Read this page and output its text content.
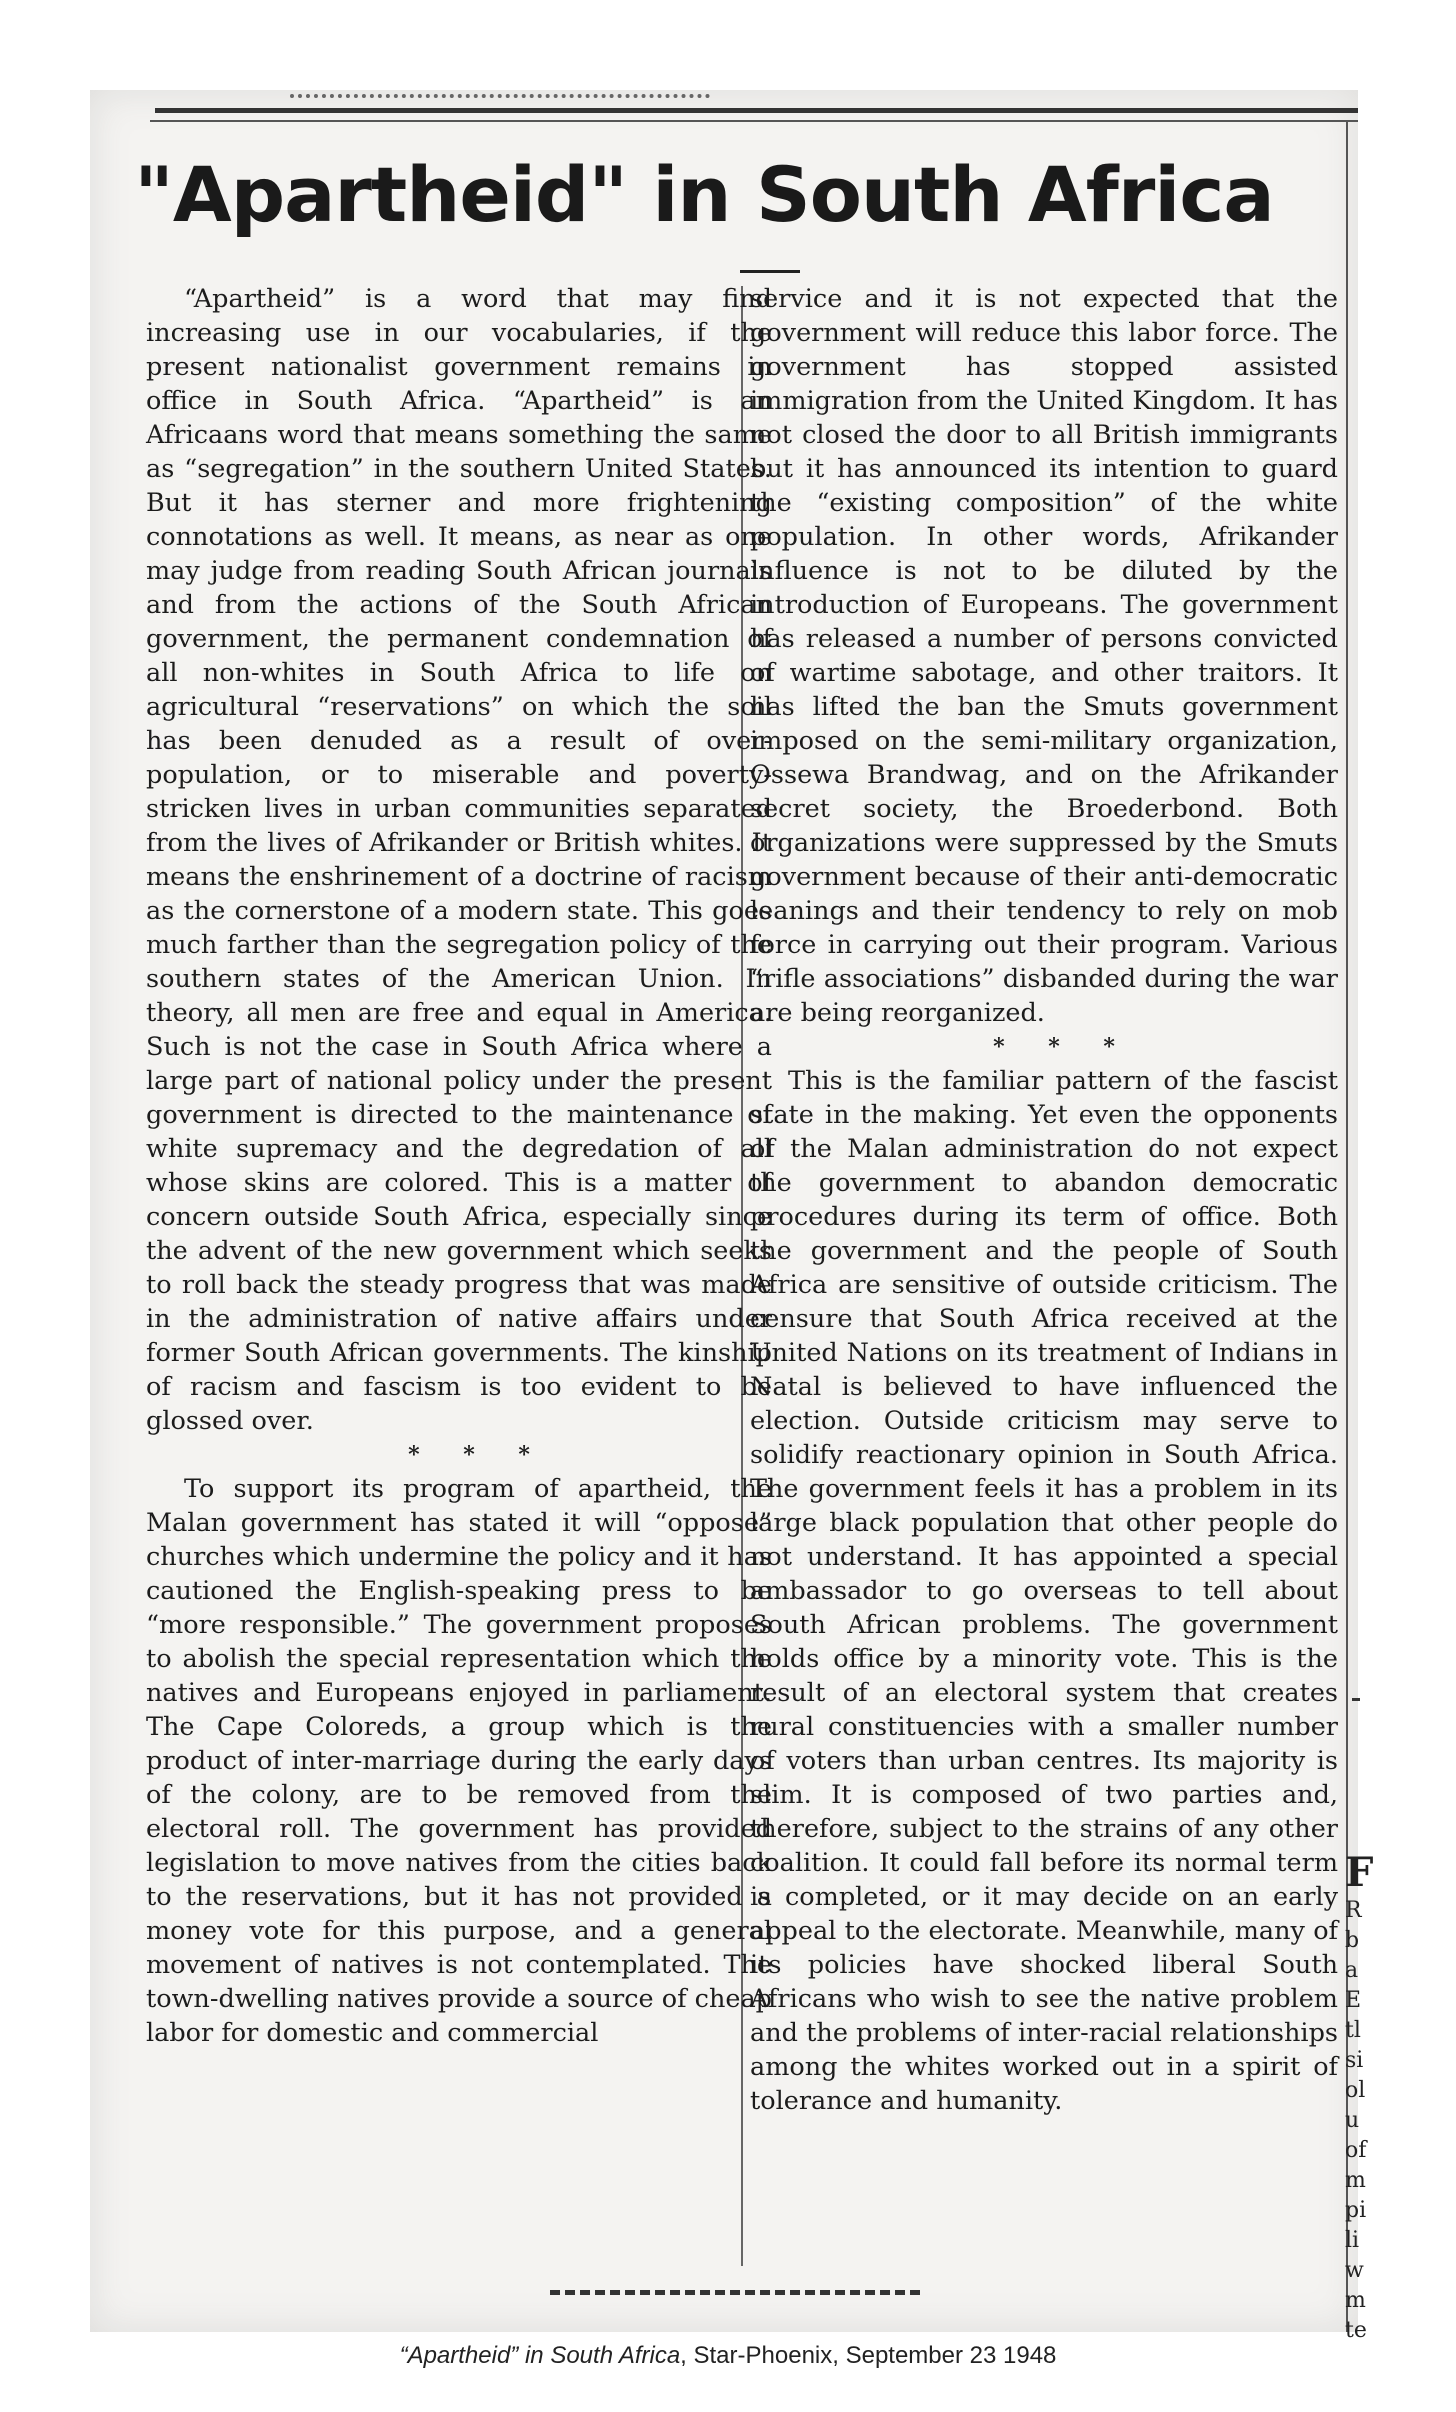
"Apartheid" in South Africa

“Apartheid” is a word that may find increasing use in our vocabularies, if the present nationalist government remains in office in South Africa. “Apartheid” is an Africaans word that means something the same as “segregation” in the southern United States. But it has sterner and more frightening connotations as well. It means, as near as one may judge from reading South African journals and from the actions of the South African government, the permanent condemnation of all non-whites in South Africa to life on agricultural “reservations” on which the soil has been denuded as a result of over-population, or to miserable and poverty-stricken lives in urban communities separated from the lives of Afrikander or British whites. It means the enshrinement of a doctrine of racism as the cornerstone of a modern state. This goes much farther than the segregation policy of the southern states of the American Union. In theory, all men are free and equal in America. Such is not the case in South Africa where a large part of national policy under the present government is directed to the maintenance of white supremacy and the degredation of all whose skins are colored. This is a matter of concern outside South Africa, especially since the advent of the new government which seeks to roll back the steady progress that was made in the administration of native affairs under former South African governments. The kinship of racism and fascism is too evident to be glossed over.

* * *

To support its program of apartheid, the Malan government has stated it will “oppose” churches which undermine the policy and it has cautioned the English-speaking press to be “more responsible.” The government proposes to abolish the special representation which the natives and Europeans enjoyed in parliament. The Cape Coloreds, a group which is the product of inter-marriage during the early days of the colony, are to be removed from the electoral roll. The government has provided legislation to move natives from the cities back to the reservations, but it has not provided a money vote for this purpose, and a general movement of natives is not contemplated. The town-dwelling natives provide a source of cheap labor for domestic and commercial

service and it is not expected that the government will reduce this labor force. The government has stopped assisted immigration from the United Kingdom. It has not closed the door to all British immigrants but it has announced its intention to guard the “existing composition” of the white population. In other words, Afrikander influence is not to be diluted by the introduction of Europeans. The government has released a number of persons convicted of wartime sabotage, and other traitors. It has lifted the ban the Smuts government imposed on the semi-military organization, Ossewa Brandwag, and on the Afrikander secret society, the Broederbond. Both organizations were suppressed by the Smuts government because of their anti-democratic leanings and their tendency to rely on mob force in carrying out their program. Various “rifle associations” disbanded during the war are being reorganized.

* * *

This is the familiar pattern of the fascist state in the making. Yet even the opponents of the Malan administration do not expect the government to abandon democratic procedures during its term of office. Both the government and the people of South Africa are sensitive of outside criticism. The censure that South Africa received at the United Nations on its treatment of Indians in Natal is believed to have influenced the election. Outside criticism may serve to solidify reactionary opinion in South Africa. The government feels it has a problem in its large black population that other people do not understand. It has appointed a special ambassador to go overseas to tell about South African problems. The government holds office by a minority vote. This is the result of an electoral system that creates rural constituencies with a smaller number of voters than urban centres. Its majority is slim. It is composed of two parties and, therefore, subject to the strains of any other coalition. It could fall before its normal term is completed, or it may decide on an early appeal to the electorate. Meanwhile, many of its policies have shocked liberal South Africans who wish to see the native problem and the problems of inter-racial relationships among the whites worked out in a spirit of tolerance and humanity.

F
R
b
a
E
tl
si
ol
u
of
m
pi
li
w
m
te
“Apartheid” in South Africa, Star-Phoenix, September 23 1948
